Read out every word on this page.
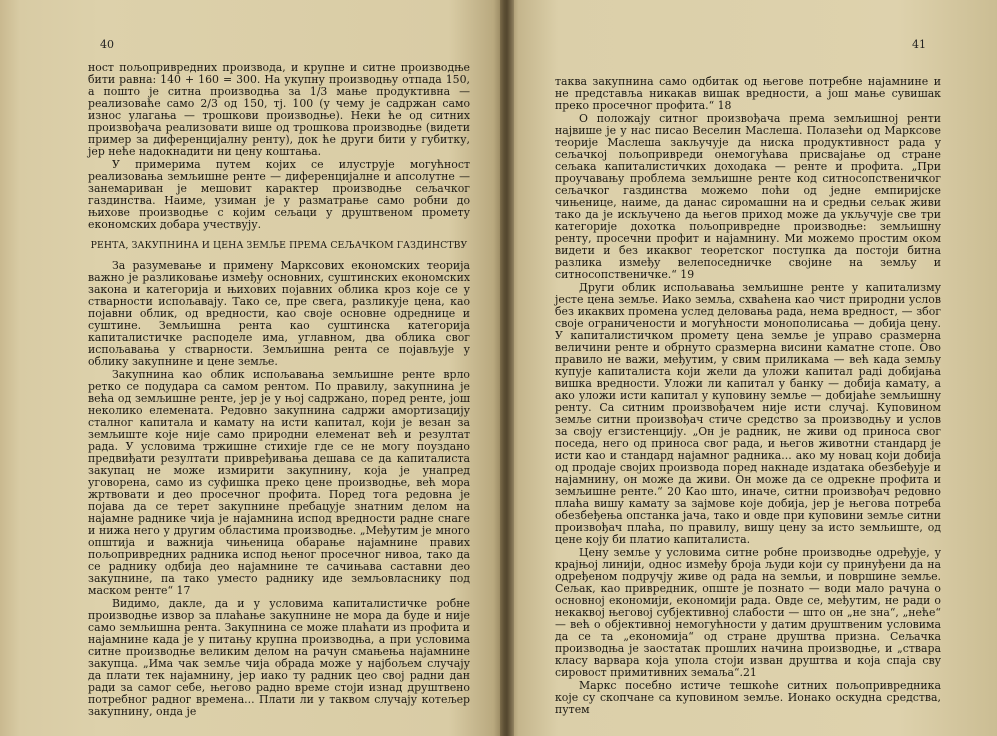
40

ност пољопривредних производа, и крупне и ситне производње бити равна: 140 + 160 = 300. На укупну производњу отпада 150, а пошто је ситна производња за 1/3 мање продуктивна — реализоваће само 2/3 од 150, тј. 100 (у чему је садржан само износ улагања — трошкови производње). Неки ће од ситних произвођача реализовати више од трошкова производње (видети пример за диференцијалну ренту), док ће други бити у губитку, јер неће надокнадити ни цену коштања.

У примерима путем којих се илуструје могућност реализовања земљишне ренте — диференцијалне и апсолутне — занемариван је мешовит карактер производње сељачког газдинства. Наиме, узиман је у разматрање само робни до њихове производње с којим сељаци у друштвеном промету економских добара учествују.

РЕНТА, ЗАКУПНИНА И ЦЕНА ЗЕМЉЕ ПРЕМА СЕЉАЧКОМ ГАЗДИНСТВУ

За разумевање и примену Марксових економских теорија важно је разликовање између основних, суштинских економских закона и категорија и њихових појавних облика кроз које се у стварности испољавају. Тако се, пре свега, разликује цена, као појавни облик, од вредности, као своје основне одреднице и суштине. Земљишна рента као суштинска категорија капиталистичке расподеле има, углавном, два облика свог испољавања у стварности. Земљишна рента се појављује у облику закупнине и цене земље.

Закупнина као облик испољавања земљишне ренте врло ретко се подудара са самом рентом. По правилу, закупнина је већа од земљишне ренте, јер је у њој садржано, поред ренте, још неколико елемената. Редовно закупнина садржи амортизацију сталног капитала и камату на исти капитал, који је везан за земљиште које није само природни елеменат већ и резултат рада. У условима тржишне стихије где се не могу поуздано предвиђати резултати привређивања дешава се да капиталиста закупац не може измирити закупнину, која је унапред уговорена, само из суфишка преко цене производње, већ мора жртвовати и део просечног профита. Поред тога редовна је појава да се терет закупнине пребацује знатним делом на најамне раднике чија је најамнина испод вредности радне снаге и нижа него у другим областима производње. „Међутим је много општија и важнија чињеница обарање најамнине правих пољопривредних радника испод њеног просечног нивоа, тако да се раднику одбија део најамнине те сачињава саставни део закупнине, па тако уместо раднику иде земљовласнику под маском ренте“ 17

Видимо, дакле, да и у условима капиталистичке робне производње извор за плаћање закупнине не мора да буде и није само земљишна рента. Закупнина се може плаћати из профита и најамнине када је у питању крупна производња, а при условима ситне производње великим делом на рачун смањења најамнине закупца. „Има чак земље чија обрада може у најбољем случају да плати тек најамнину, јер иако ту радник цео свој радни дан ради за самог себе, његово радно време стоји изнад друштвено потребног радног времена... Плати ли у таквом случају котељер закупнину, онда је

41

таква закупнина само одбитак од његове потребне најамнине и не представља никакав вишак вредности, а још мање сувишак преко просечног профита.“ 18

О положају ситног произвођача према земљишној ренти највише је у нас писао Веселин Маслеша. Полазећи од Марксове теорије Маслеша закључује да ниска продуктивност рада у сељачкој пољопривреди онемогућава присвајање од стране сељака капиталистичких доходака — ренте и профита. „При проучавању проблема земљишне ренте код ситносопственичког сељачког газдинства можемо поћи од једне емпиријске чињенице, наиме, да данас сиромашни на и средњи сељак живи тако да је искључено да његов приход може да укључује све три категорије дохотка пољопривредне производње: земљишну ренту, просечни профит и најамнину. Ми можемо простим оком видети и без икаквог теоретског поступка да постоји битна разлика између велепоседничке својине на земљу и ситносопственичке.“ 19

Други облик испољавања земљишне ренте у капитализму јесте цена земље. Иако земља, схваћена као чист природни услов без икаквих промена услед деловања рада, нема вредност, — због своје ограничености и могућности монополисања — добија цену. У капиталистичком промету цена земље је управо сразмерна величини ренте и обрнуто сразмерна висини каматне стопе. Ово правило не важи, међутим, у свим приликама — већ када земљу купује капиталиста који жели да уложи капитал радi добијања вишка вредности. Уложи ли капитал у банку — добија камату, а ако уложи исти капитал у куповину земље — добијаће земљишну ренту. Са ситним произвођачем није исти случај. Куповином земље ситни произвођач стиче средство за производњу и услов за своју егзистенцију. „Он је радник, не живи од приноса свог поседа, него од приноса свог рада, и његов животни стандард је исти као и стандард најамног радника... ако му новац који добија од продаје својих производа поред накнаде издатака обезбеђује и најамнину, он може да живи. Он може да се одрекне профита и земљишне ренте.“ 20 Као што, иначе, ситни произвођач редовно плаћа вишу камату за зајмове које добија, јер је његова потреба обезбеђења опстанка јача, тако и овде при куповини земље ситни произвођач плаћа, по правилу, вишу цену за исто земљиште, од цене коју би платио капиталиста.

Цену земље у условима ситне робне производње одређује, у крајњој линији, однос између броја људи који су принуђени да на одређеном подручју живе од рада на земљи, и површине земље. Сељак, као привредник, опште је познато — води мало рачуна о основној економији, економији рада. Овде се, међутим, не ради о некаквој његовој субјективној слабости — што он „не зна“, „неће“ — већ о објективној немогућности у датим друштвеним условима да се та „економија“ од стране друштва призна. Сељачка производња је заостатак прошлих начина производње, и „ствара класу варвара која упола стоји изван друштва и која спаја сву сировост примитивних земаља“.21

Маркс посебно истиче тешкоће ситних пољопривредника које су скопчане са куповином земље. Ионако оскудна средства, путем
